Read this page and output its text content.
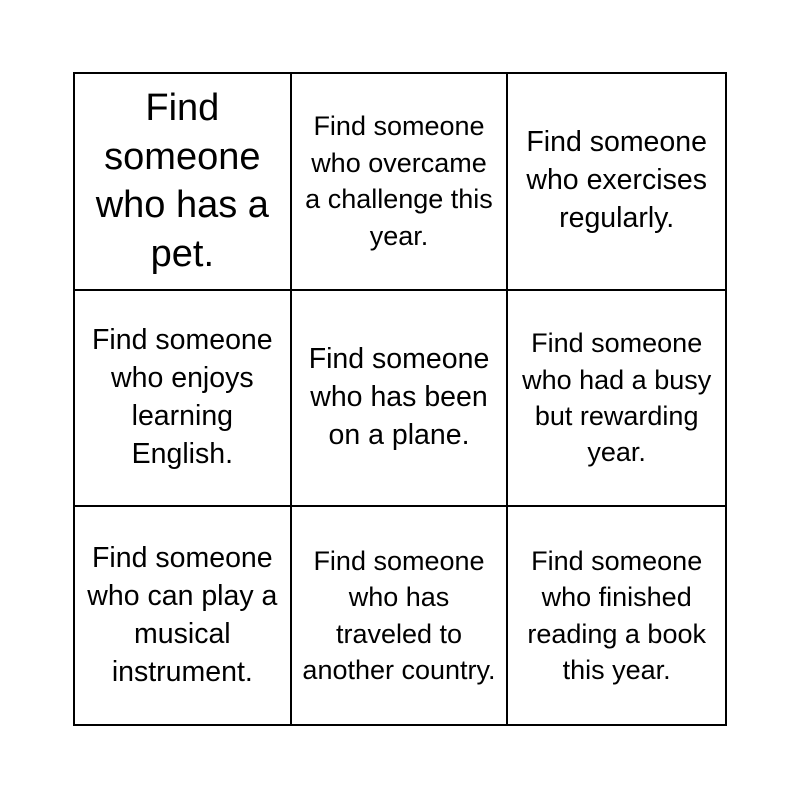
Find someone who has a pet.
Find someone who overcame a challenge this year.
Find someone who exercises regularly.
Find someone who enjoys learning English.
Find someone who has been on a plane.
Find someone who had a busy but rewarding year.
Find someone who can play a musical instrument.
Find someone who has traveled to another country.
Find someone who finished reading a book this year.
